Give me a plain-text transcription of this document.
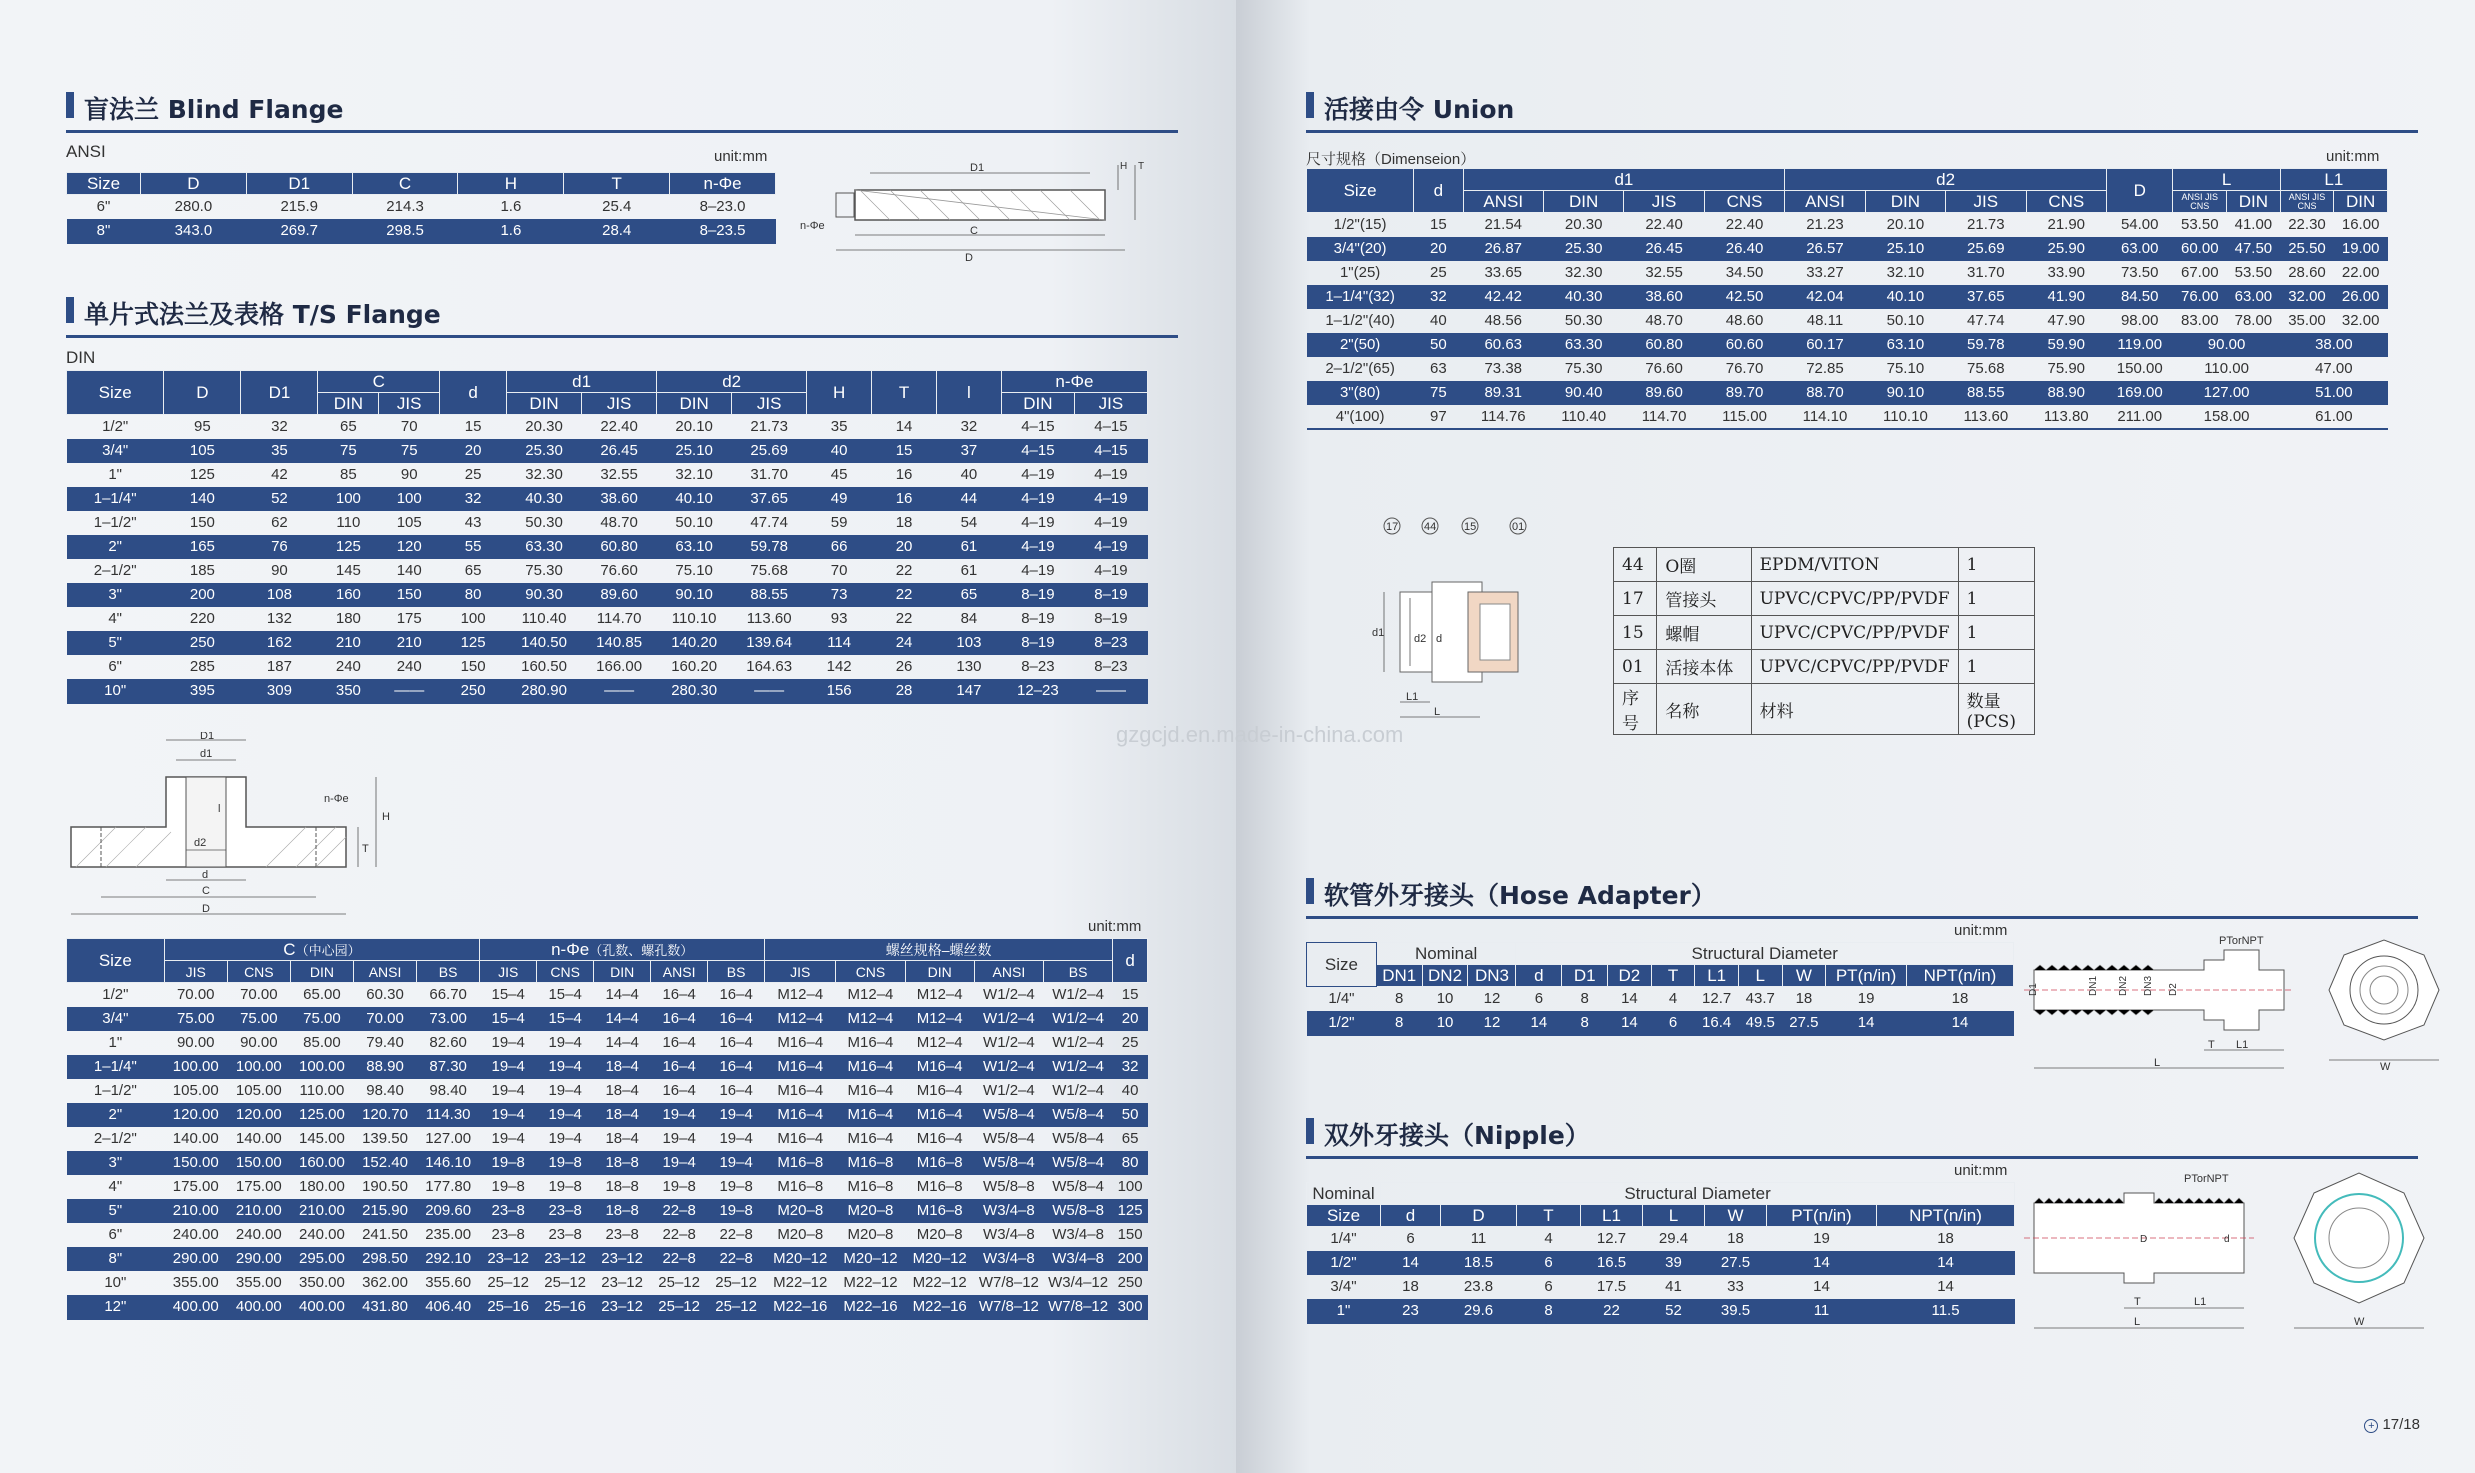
盲法兰 Blind Flange
ANSI	unit:mm
Size	D	D1	C	H	T	n-Φe
6"	280.0	215.9	214.3	1.6	25.4	8–23.0
8"	343.0	269.7	298.5	1.6	28.4	8–23.5
D1
n-Φe	C
D
H T
单片式法兰及表格 T/S Flange
DIN
Size	D	D1	C		d	d1		d2		H	T	l	n-Φe	
			DIN	JIS		DIN	JIS	DIN	JIS				DIN	JIS
1/2"	95	32	65	70	15	20.30	22.40	20.10	21.73	35	14	32	4–15	4–15
3/4"	105	35	75	75	20	25.30	26.45	25.10	25.69	40	15	37	4–15	4–15
1"	125	42	85	90	25	32.30	32.55	32.10	31.70	45	16	40	4–19	4–19
1–1/4"	140	52	100	100	32	40.30	38.60	40.10	37.65	49	16	44	4–19	4–19
1–1/2"	150	62	110	105	43	50.30	48.70	50.10	47.74	59	18	54	4–19	4–19
2"	165	76	125	120	55	63.30	60.80	63.10	59.78	66	20	61	4–19	4–19
2–1/2"	185	90	145	140	65	75.30	76.60	75.10	75.68	70	22	61	4–19	4–19
3"	200	108	160	150	80	90.30	89.60	90.10	88.55	73	22	65	8–19	8–19
4"	220	132	180	175	100	110.40	114.70	110.10	113.60	93	22	84	8–19	8–19
5"	250	162	210	210	125	140.50	140.85	140.20	139.64	114	24	103	8–19	8–23
6"	285	187	240	240	150	160.50	166.00	160.20	164.63	142	26	130	8–23	8–23
10"	395	309	350	——	250	280.90	——	280.30	——	156	28	147	12–23	——
D1
d1
l
n-Φe
H
T
d2
d
C
D
unit:mm
Size	C（中心园）					n-Φe（孔数、螺孔数）					螺丝规格–螺丝数					d
	JIS	CNS	DIN	ANSI	BS	JIS	CNS	DIN	ANSI	BS	JIS	CNS	DIN	ANSI	BS	
1/2"	70.00	70.00	65.00	60.30	66.70	15–4	15–4	14–4	16–4	16–4	M12–4	M12–4	M12–4	W1/2–4	W1/2–4	15
3/4"	75.00	75.00	75.00	70.00	73.00	15–4	15–4	14–4	16–4	16–4	M12–4	M12–4	M12–4	W1/2–4	W1/2–4	20
1"	90.00	90.00	85.00	79.40	82.60	19–4	19–4	14–4	16–4	16–4	M16–4	M16–4	M12–4	W1/2–4	W1/2–4	25
1–1/4"	100.00	100.00	100.00	88.90	87.30	19–4	19–4	18–4	16–4	16–4	M16–4	M16–4	M16–4	W1/2–4	W1/2–4	32
1–1/2"	105.00	105.00	110.00	98.40	98.40	19–4	19–4	18–4	16–4	16–4	M16–4	M16–4	M16–4	W1/2–4	W1/2–4	40
2"	120.00	120.00	125.00	120.70	114.30	19–4	19–4	18–4	19–4	19–4	M16–4	M16–4	M16–4	W5/8–4	W5/8–4	50
2–1/2"	140.00	140.00	145.00	139.50	127.00	19–4	19–4	18–4	19–4	19–4	M16–4	M16–4	M16–4	W5/8–4	W5/8–4	65
3"	150.00	150.00	160.00	152.40	146.10	19–8	19–8	18–8	19–4	19–4	M16–8	M16–8	M16–8	W5/8–4	W5/8–4	80
4"	175.00	175.00	180.00	190.50	177.80	19–8	19–8	18–8	19–8	19–8	M16–8	M16–8	M16–8	W5/8–8	W5/8–4	100
5"	210.00	210.00	210.00	215.90	209.60	23–8	23–8	18–8	22–8	19–8	M20–8	M20–8	M16–8	W3/4–8	W5/8–8	125
6"	240.00	240.00	240.00	241.50	235.00	23–8	23–8	23–8	22–8	22–8	M20–8	M20–8	M20–8	W3/4–8	W3/4–8	150
8"	290.00	290.00	295.00	298.50	292.10	23–12	23–12	23–12	22–8	22–8	M20–12	M20–12	M20–12	W3/4–8	W3/4–8	200
10"	355.00	355.00	350.00	362.00	355.60	25–12	25–12	23–12	25–12	25–12	M22–12	M22–12	M22–12	W7/8–12	W3/4–12	250
12"	400.00	400.00	400.00	431.80	406.40	25–16	25–16	23–12	25–12	25–12	M22–16	M22–16	M22–16	W7/8–12	W7/8–12	300
活接由令 Union
尺寸规格（Dimenseion）	unit:mm
Size	d	d1				d2				D	L		L1	
		ANSI	DIN	JIS	CNS	ANSI	DIN	JIS	CNS		ANSI JIS CNS	DIN	ANSI JIS CNS	DIN
1/2"(15)	15	21.54	20.30	22.40	22.40	21.23	20.10	21.73	21.90	54.00	53.50	41.00	22.30	16.00
3/4"(20)	20	26.87	25.30	26.45	26.40	26.57	25.10	25.69	25.90	63.00	60.00	47.50	25.50	19.00
1"(25)	25	33.65	32.30	32.55	34.50	33.27	32.10	31.70	33.90	73.50	67.00	53.50	28.60	22.00
1–1/4"(32)	32	42.42	40.30	38.60	42.50	42.04	40.10	37.65	41.90	84.50	76.00	63.00	32.00	26.00
1–1/2"(40)	40	48.56	50.30	48.70	48.60	48.11	50.10	47.74	47.90	98.00	83.00	78.00	35.00	32.00
2"(50)	50	60.63	63.30	60.80	60.60	60.17	63.10	59.78	59.90	119.00	90.00		38.00	
2–1/2"(65)	63	73.38	75.30	76.60	76.70	72.85	75.10	75.68	75.90	150.00	110.00		47.00	
3"(80)	75	89.31	90.40	89.60	89.70	88.70	90.10	88.55	88.90	169.00	127.00		51.00	
4"(100)	97	114.76	110.40	114.70	115.00	114.10	110.10	113.60	113.80	211.00	158.00		61.00	
17 44	15	01
d1	d2 d
L1
L
44	O圈	EPDM/VITON	1
17	管接头	UPVC/CPVC/PP/PVDF	1
15	螺帽	UPVC/CPVC/PP/PVDF	1
01	活接本体	UPVC/CPVC/PP/PVDF	1
序号	名称	材料	数量(PCS)
gzgcjd.en.made-in-china.com
软管外牙接头（Hose Adapter）
unit:mm
Size	Nominal			Structural Diameter								
	DN1	DN2	DN3	d	D1	D2	T	L1	L	W	PT(n/in)	NPT(n/in)
1/4"	8	10	12	6	8	14	4	12.7	43.7	18	19	18
1/2"	8	10	12	14	8	14	6	16.4	49.5	27.5	14	14
PTorNPT
D1	DN1 DN2 DN3 D2
T L1
L	W
双外牙接头（Nipple）
unit:mm
Nominal	Structural Diameter							
Size	d	D	T	L1	L	W	PT(n/in)	NPT(n/in)
1/4"	6	11	4	12.7	29.4	18	19	18
1/2"	14	18.5	6	16.5	39	27.5	14	14
3/4"	18	23.8	6	17.5	41	33	14	14
1"	23	29.6	8	22	52	39.5	11	11.5
PTorNPT
D	d
T	L1
L	W
+ 17/18
